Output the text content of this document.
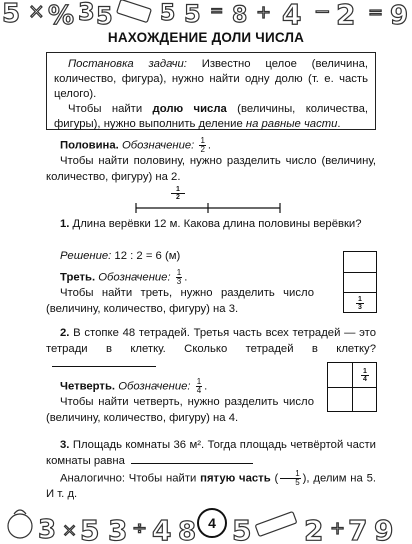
5 × % 3 5 5 5 = 8 + 4 − 2 = 9
НАХОЖДЕНИЕ ДОЛИ ЧИСЛА

Постановка задачи: Известно целое (величина, количество, фигура), нужно найти одну долю (т. е. часть целого).

Чтобы найти долю числа (величины, количества, фигуры), нужно выполнить деление на равные части.

Половина. Обозначение: $\frac{1}{2}$ .
Чтобы найти половину, нужно разделить число (величину, количество, фигуру) на 2.
$\frac{1}{2}$
1. Длина верёвки 12 м. Какова длина половины верёвки?
Решение: 12 : 2 = 6 (м)
Треть. Обозначение: $\frac{1}{3}$ .
Чтобы найти треть, нужно разделить число (величину, количество, фигуру) на 3.	$\frac{1}{3}$
2. В стопке 48 тетрадей. Третья часть всех тетрадей — это тетради в клетку. Сколько тетрадей в клетку?
Четверть. Обозначение: $\frac{1}{4}$ .
Чтобы найти четверть, нужно разделить число (величину, количество, фигуру) на 4.
$\frac{1}{4}$
3. Площадь комнаты 36 м². Тогда площадь четвёртой части комнаты равна
Аналогично: Чтобы найти пятую часть ( $\frac{1}{5}$ ), делим на 5. И т. д.
3 × 5 3 ÷ 4 8 5 2 + 7 9
4
